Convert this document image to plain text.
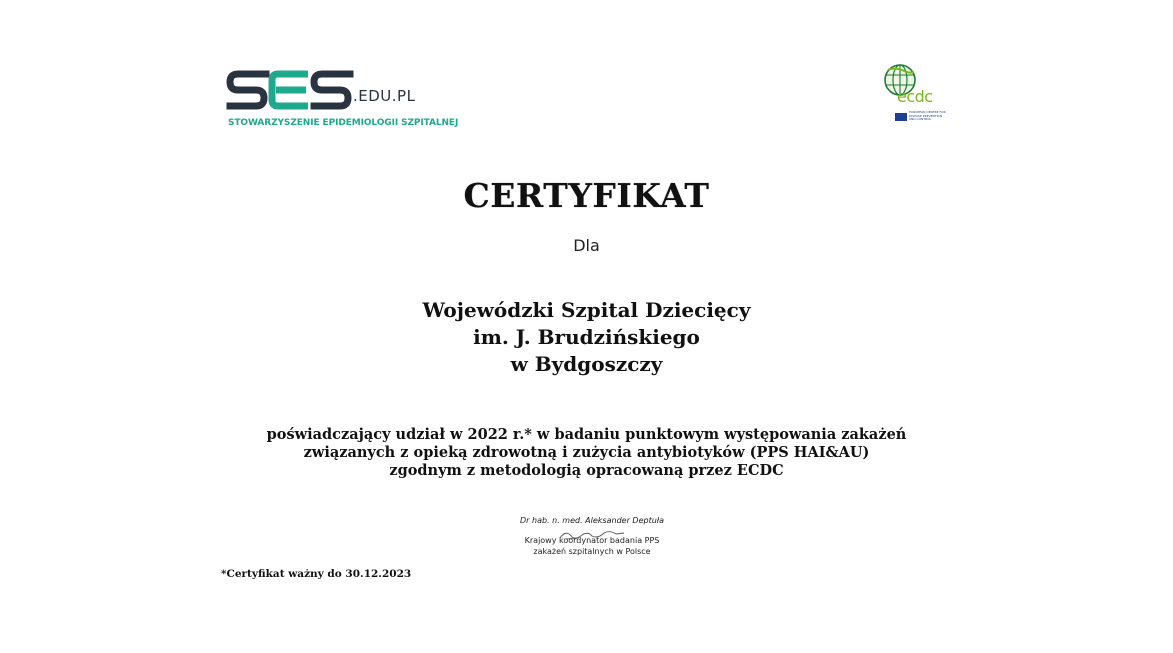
.EDU.PL
STOWARZYSZENIE EPIDEMIOLOGII SZPITALNEJ
ecdc
EUROPEAN CENTRE FOR DISEASE PREVENTION AND CONTROL
CERTYFIKAT
Dla
Wojewódzki Szpital Dziecięcy
im. J. Brudzińskiego
w Bydgoszczy
poświadczający udział w 2022 r.* w badaniu punktowym występowania zakażeń
związanych z opieką zdrowotną i zużycia antybiotyków (PPS HAI&AU)
zgodnym z metodologią opracowaną przez ECDC
Dr hab. n. med. Aleksander Deptuła
Krajowy koordynator badania PPS
zakażeń szpitalnych w Polsce
*Certyfikat ważny do 30.12.2023
